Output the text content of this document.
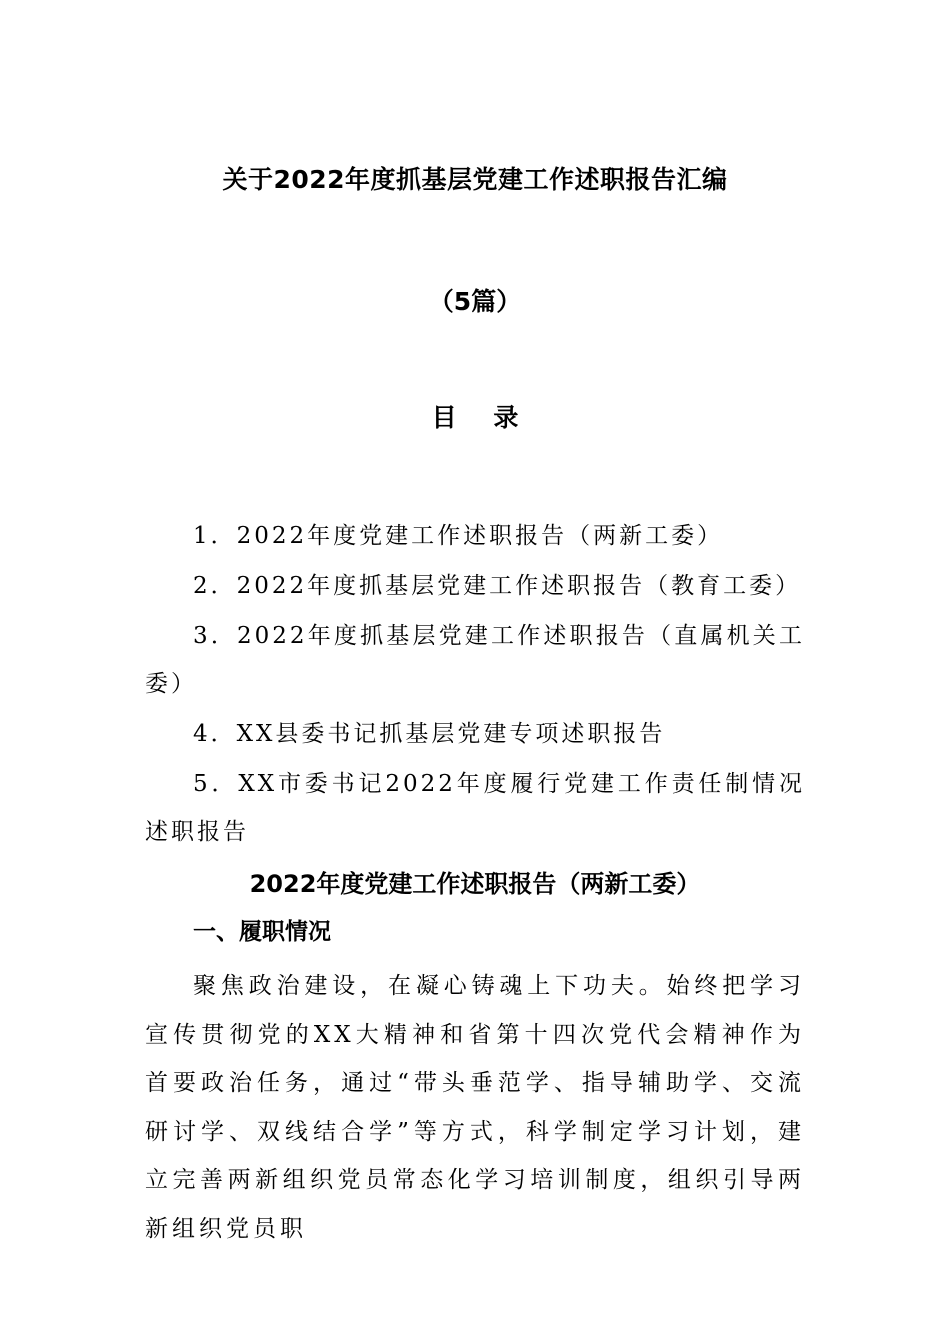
关于2022年度抓基层党建工作述职报告汇编
（5篇）
目 录

1．2022年度党建工作述职报告（两新工委）

2．2022年度抓基层党建工作述职报告（教育工委）

3．2022年度抓基层党建工作述职报告（直属机关工委）

4．XX县委书记抓基层党建专项述职报告

5．XX市委书记2022年度履行党建工作责任制情况述职报告

2022年度党建工作述职报告（两新工委）
一、履职情况

聚焦政治建设，在凝心铸魂上下功夫。始终把学习宣传贯彻党的XX大精神和省第十四次党代会精神作为首要政治任务，通过“带头垂范学、指导辅助学、交流研讨学、双线结合学”等方式，科学制定学习计划，建立完善两新组织党员常态化学习培训制度，组织引导两新组织党员职
